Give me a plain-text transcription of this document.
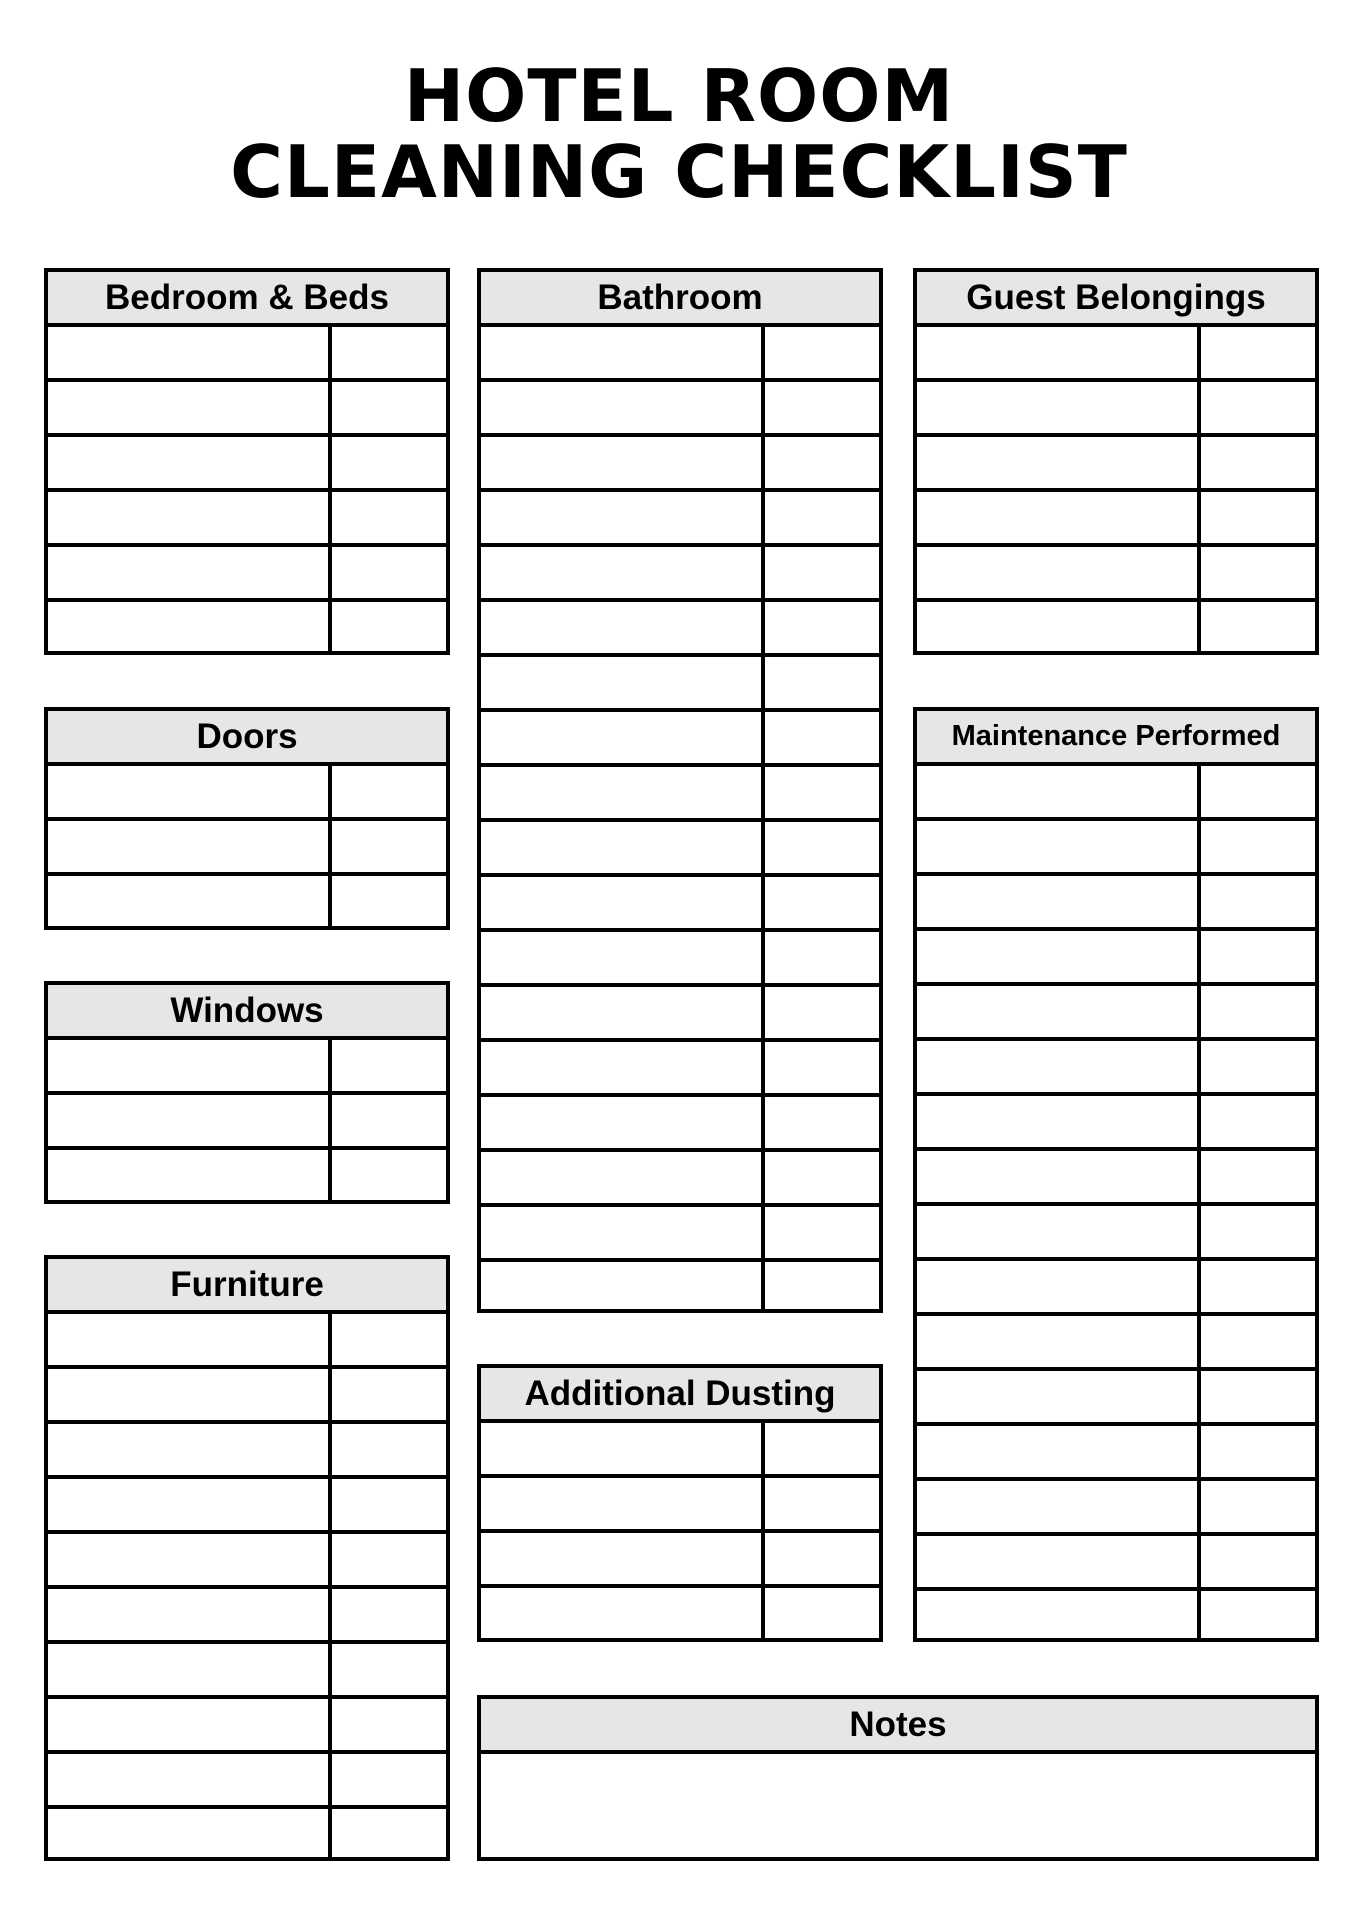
HOTEL ROOM
CLEANING CHECKLIST
Bedroom & Beds
Doors
Windows
Furniture
Bathroom
Additional Dusting
Guest Belongings
Maintenance Performed
Notes
